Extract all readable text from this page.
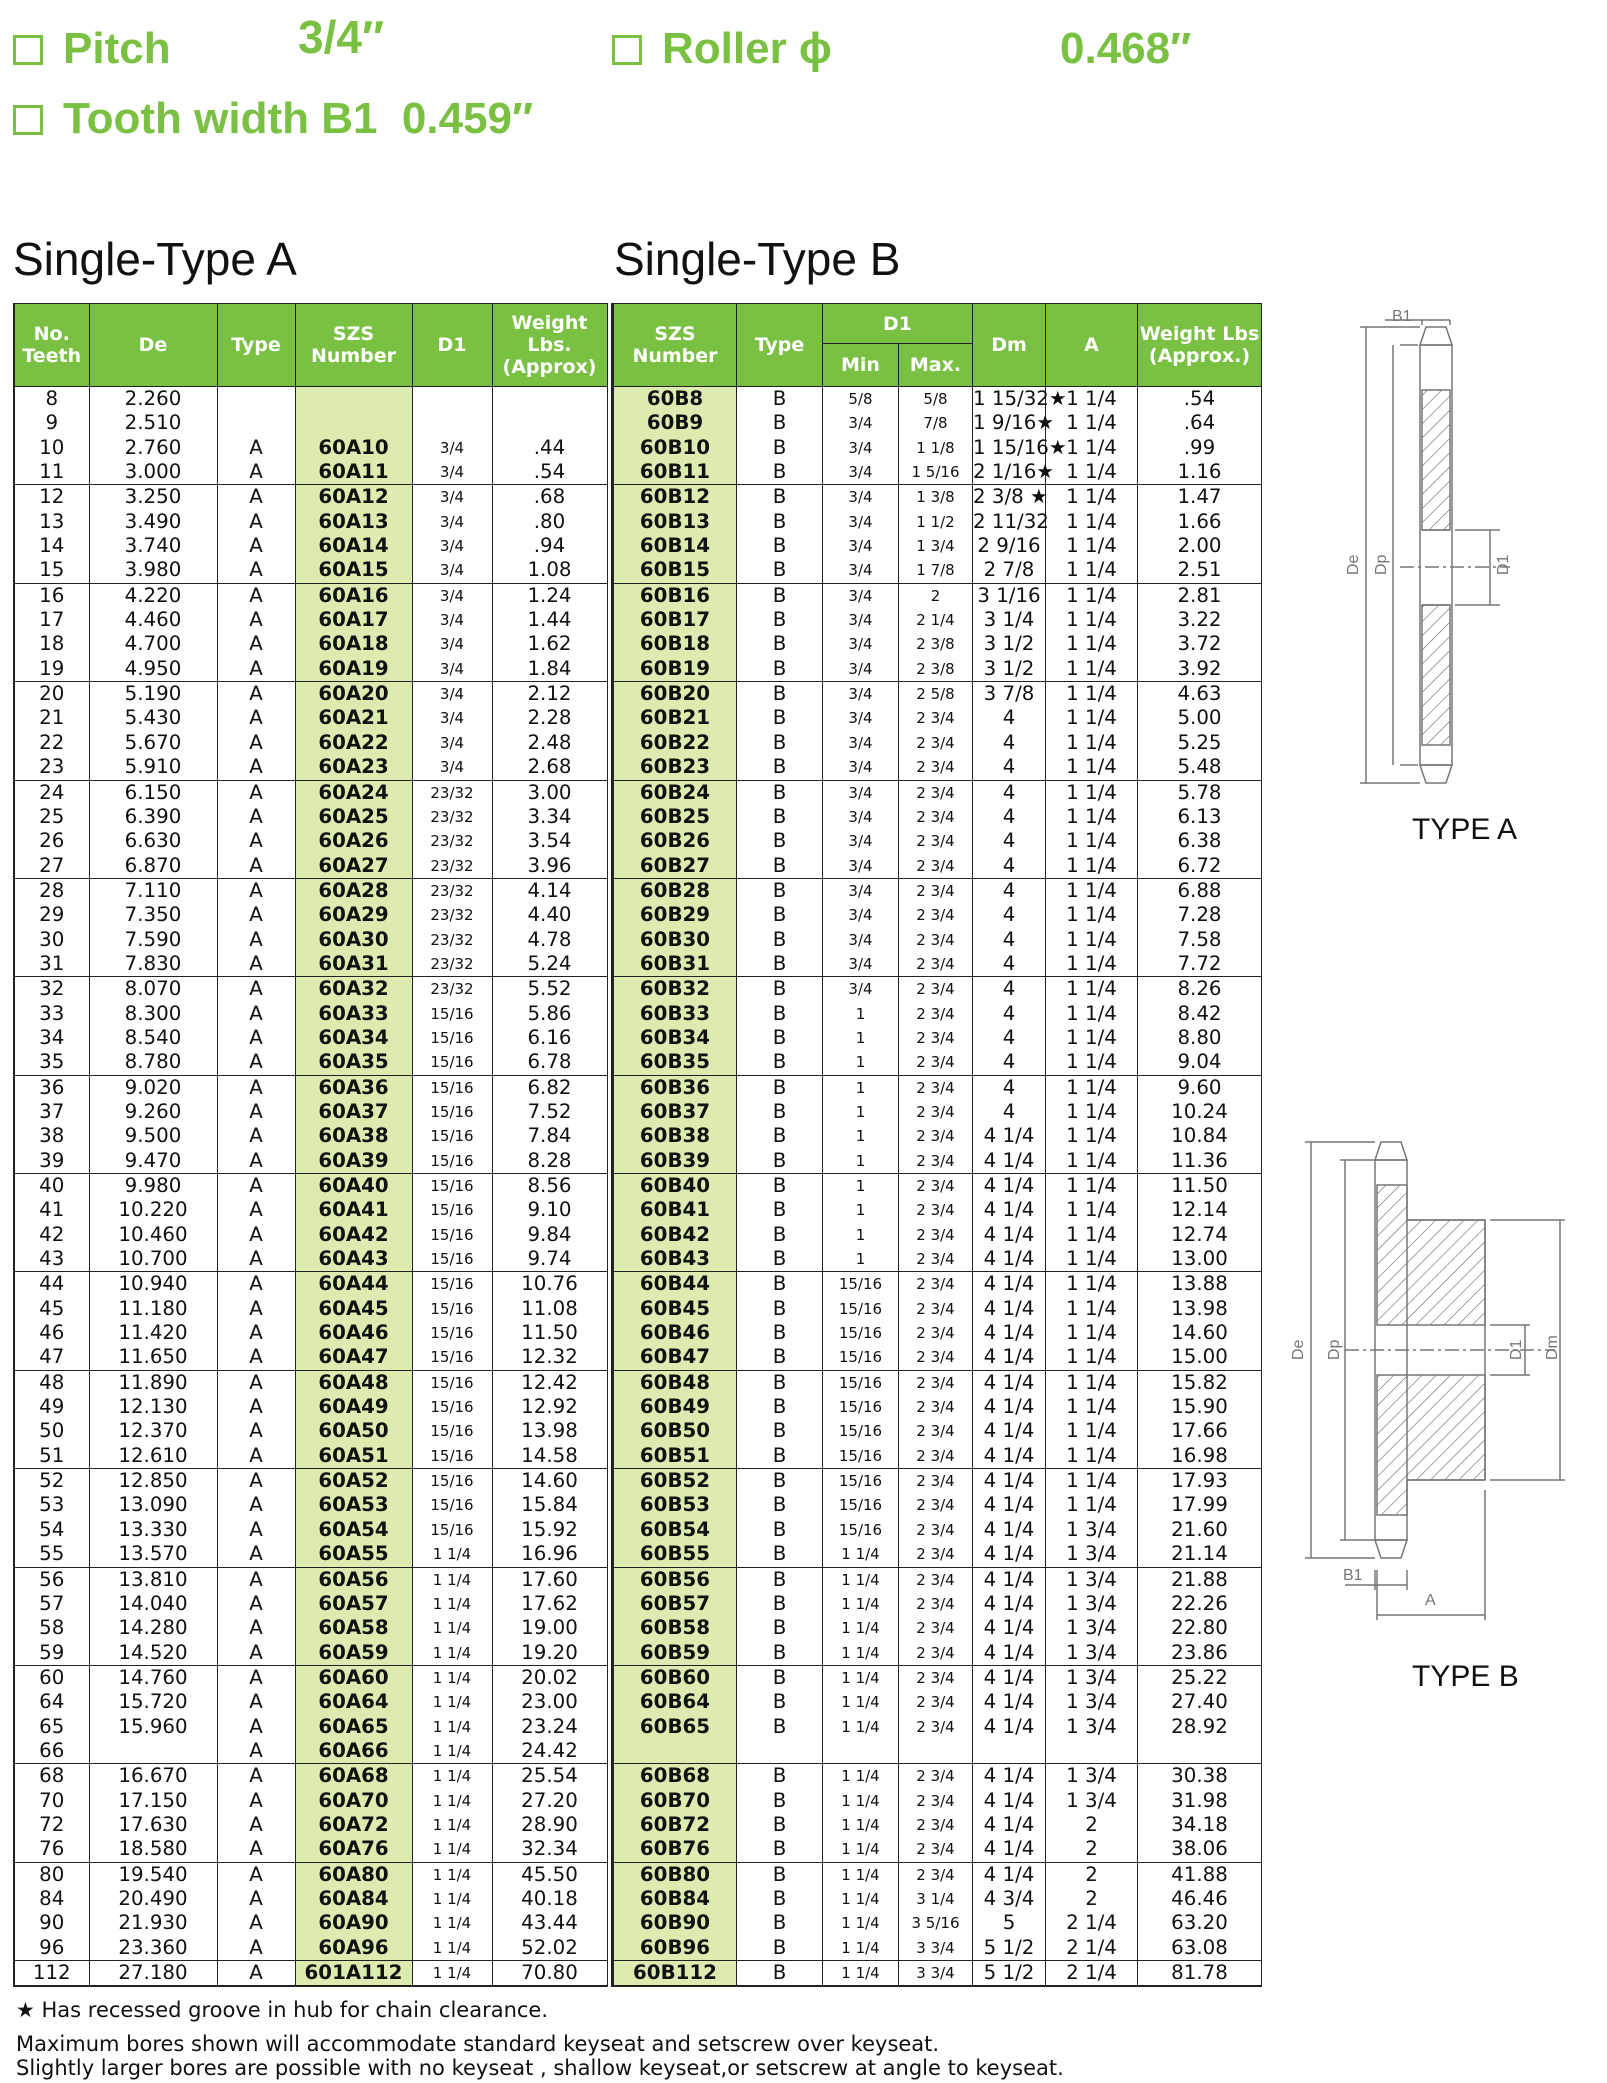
Pitch	3/4″	Roller ϕ	0.468″
Tooth width B1 0.459″
Single-Type A	Single-Type B
No. Teeth	De	Type	SZS Number	D1	Weight Lbs. (Approx)
8	2.260				
9	2.510				
10	2.760	A	60A10	3/4	.44
11	3.000	A	60A11	3/4	.54
12	3.250	A	60A12	3/4	.68
13	3.490	A	60A13	3/4	.80
14	3.740	A	60A14	3/4	.94
15	3.980	A	60A15	3/4	1.08
16	4.220	A	60A16	3/4	1.24
17	4.460	A	60A17	3/4	1.44
18	4.700	A	60A18	3/4	1.62
19	4.950	A	60A19	3/4	1.84
20	5.190	A	60A20	3/4	2.12
21	5.430	A	60A21	3/4	2.28
22	5.670	A	60A22	3/4	2.48
23	5.910	A	60A23	3/4	2.68
24	6.150	A	60A24	23/32	3.00
25	6.390	A	60A25	23/32	3.34
26	6.630	A	60A26	23/32	3.54
27	6.870	A	60A27	23/32	3.96
28	7.110	A	60A28	23/32	4.14
29	7.350	A	60A29	23/32	4.40
30	7.590	A	60A30	23/32	4.78
31	7.830	A	60A31	23/32	5.24
32	8.070	A	60A32	23/32	5.52
33	8.300	A	60A33	15/16	5.86
34	8.540	A	60A34	15/16	6.16
35	8.780	A	60A35	15/16	6.78
36	9.020	A	60A36	15/16	6.82
37	9.260	A	60A37	15/16	7.52
38	9.500	A	60A38	15/16	7.84
39	9.470	A	60A39	15/16	8.28
40	9.980	A	60A40	15/16	8.56
41	10.220	A	60A41	15/16	9.10
42	10.460	A	60A42	15/16	9.84
43	10.700	A	60A43	15/16	9.74
44	10.940	A	60A44	15/16	10.76
45	11.180	A	60A45	15/16	11.08
46	11.420	A	60A46	15/16	11.50
47	11.650	A	60A47	15/16	12.32
48	11.890	A	60A48	15/16	12.42
49	12.130	A	60A49	15/16	12.92
50	12.370	A	60A50	15/16	13.98
51	12.610	A	60A51	15/16	14.58
52	12.850	A	60A52	15/16	14.60
53	13.090	A	60A53	15/16	15.84
54	13.330	A	60A54	15/16	15.92
55	13.570	A	60A55	1 1/4	16.96
56	13.810	A	60A56	1 1/4	17.60
57	14.040	A	60A57	1 1/4	17.62
58	14.280	A	60A58	1 1/4	19.00
59	14.520	A	60A59	1 1/4	19.20
60	14.760	A	60A60	1 1/4	20.02
64	15.720	A	60A64	1 1/4	23.00
65	15.960	A	60A65	1 1/4	23.24
66		A	60A66	1 1/4	24.42
68	16.670	A	60A68	1 1/4	25.54
70	17.150	A	60A70	1 1/4	27.20
72	17.630	A	60A72	1 1/4	28.90
76	18.580	A	60A76	1 1/4	32.34
80	19.540	A	60A80	1 1/4	45.50
84	20.490	A	60A84	1 1/4	40.18
90	21.930	A	60A90	1 1/4	43.44
96	23.360	A	60A96	1 1/4	52.02
112	27.180	A	601A112	1 1/4	70.80
SZS Number	Type	D1		Dm	A	Weight Lbs (Approx.)
		Min	Max.			
60B8	B	5/8	5/8	1 15/32★	1 1/4	.54
60B9	B	3/4	7/8	1 9/16★	1 1/4	.64
60B10	B	3/4	1 1/8	1 15/16★	1 1/4	.99
60B11	B	3/4	1 5/16	2 1/16★	1 1/4	1.16
60B12	B	3/4	1 3/8	2 3/8 ★	1 1/4	1.47
60B13	B	3/4	1 1/2	2 11/32	1 1/4	1.66
60B14	B	3/4	1 3/4	2 9/16	1 1/4	2.00
60B15	B	3/4	1 7/8	2 7/8	1 1/4	2.51
60B16	B	3/4	2	3 1/16	1 1/4	2.81
60B17	B	3/4	2 1/4	3 1/4	1 1/4	3.22
60B18	B	3/4	2 3/8	3 1/2	1 1/4	3.72
60B19	B	3/4	2 3/8	3 1/2	1 1/4	3.92
60B20	B	3/4	2 5/8	3 7/8	1 1/4	4.63
60B21	B	3/4	2 3/4	4	1 1/4	5.00
60B22	B	3/4	2 3/4	4	1 1/4	5.25
60B23	B	3/4	2 3/4	4	1 1/4	5.48
60B24	B	3/4	2 3/4	4	1 1/4	5.78
60B25	B	3/4	2 3/4	4	1 1/4	6.13
60B26	B	3/4	2 3/4	4	1 1/4	6.38
60B27	B	3/4	2 3/4	4	1 1/4	6.72
60B28	B	3/4	2 3/4	4	1 1/4	6.88
60B29	B	3/4	2 3/4	4	1 1/4	7.28
60B30	B	3/4	2 3/4	4	1 1/4	7.58
60B31	B	3/4	2 3/4	4	1 1/4	7.72
60B32	B	3/4	2 3/4	4	1 1/4	8.26
60B33	B	1	2 3/4	4	1 1/4	8.42
60B34	B	1	2 3/4	4	1 1/4	8.80
60B35	B	1	2 3/4	4	1 1/4	9.04
60B36	B	1	2 3/4	4	1 1/4	9.60
60B37	B	1	2 3/4	4	1 1/4	10.24
60B38	B	1	2 3/4	4 1/4	1 1/4	10.84
60B39	B	1	2 3/4	4 1/4	1 1/4	11.36
60B40	B	1	2 3/4	4 1/4	1 1/4	11.50
60B41	B	1	2 3/4	4 1/4	1 1/4	12.14
60B42	B	1	2 3/4	4 1/4	1 1/4	12.74
60B43	B	1	2 3/4	4 1/4	1 1/4	13.00
60B44	B	15/16	2 3/4	4 1/4	1 1/4	13.88
60B45	B	15/16	2 3/4	4 1/4	1 1/4	13.98
60B46	B	15/16	2 3/4	4 1/4	1 1/4	14.60
60B47	B	15/16	2 3/4	4 1/4	1 1/4	15.00
60B48	B	15/16	2 3/4	4 1/4	1 1/4	15.82
60B49	B	15/16	2 3/4	4 1/4	1 1/4	15.90
60B50	B	15/16	2 3/4	4 1/4	1 1/4	17.66
60B51	B	15/16	2 3/4	4 1/4	1 1/4	16.98
60B52	B	15/16	2 3/4	4 1/4	1 1/4	17.93
60B53	B	15/16	2 3/4	4 1/4	1 1/4	17.99
60B54	B	15/16	2 3/4	4 1/4	1 3/4	21.60
60B55	B	1 1/4	2 3/4	4 1/4	1 3/4	21.14
60B56	B	1 1/4	2 3/4	4 1/4	1 3/4	21.88
60B57	B	1 1/4	2 3/4	4 1/4	1 3/4	22.26
60B58	B	1 1/4	2 3/4	4 1/4	1 3/4	22.80
60B59	B	1 1/4	2 3/4	4 1/4	1 3/4	23.86
60B60	B	1 1/4	2 3/4	4 1/4	1 3/4	25.22
60B64	B	1 1/4	2 3/4	4 1/4	1 3/4	27.40
60B65	B	1 1/4	2 3/4	4 1/4	1 3/4	28.92

60B68	B	1 1/4	2 3/4	4 1/4	1 3/4	30.38
60B70	B	1 1/4	2 3/4	4 1/4	1 3/4	31.98
60B72	B	1 1/4	2 3/4	4 1/4	2	34.18
60B76	B	1 1/4	2 3/4	4 1/4	2	38.06
60B80	B	1 1/4	2 3/4	4 1/4	2	41.88
60B84	B	1 1/4	3 1/4	4 3/4	2	46.46
60B90	B	1 1/4	3 5/16	5	2 1/4	63.20
60B96	B	1 1/4	3 3/4	5 1/2	2 1/4	63.08
60B112	B	1 1/4	3 3/4	5 1/2	2 1/4	81.78
B1
De Dp	D1
TYPE A
B1
A
De Dp	D1 Dm
TYPE B
★ Has recessed groove in hub for chain clearance.
Maximum bores shown will accommodate standard keyseat and setscrew over keyseat.
Slightly larger bores are possible with no keyseat , shallow keyseat,or setscrew at angle to keyseat.
